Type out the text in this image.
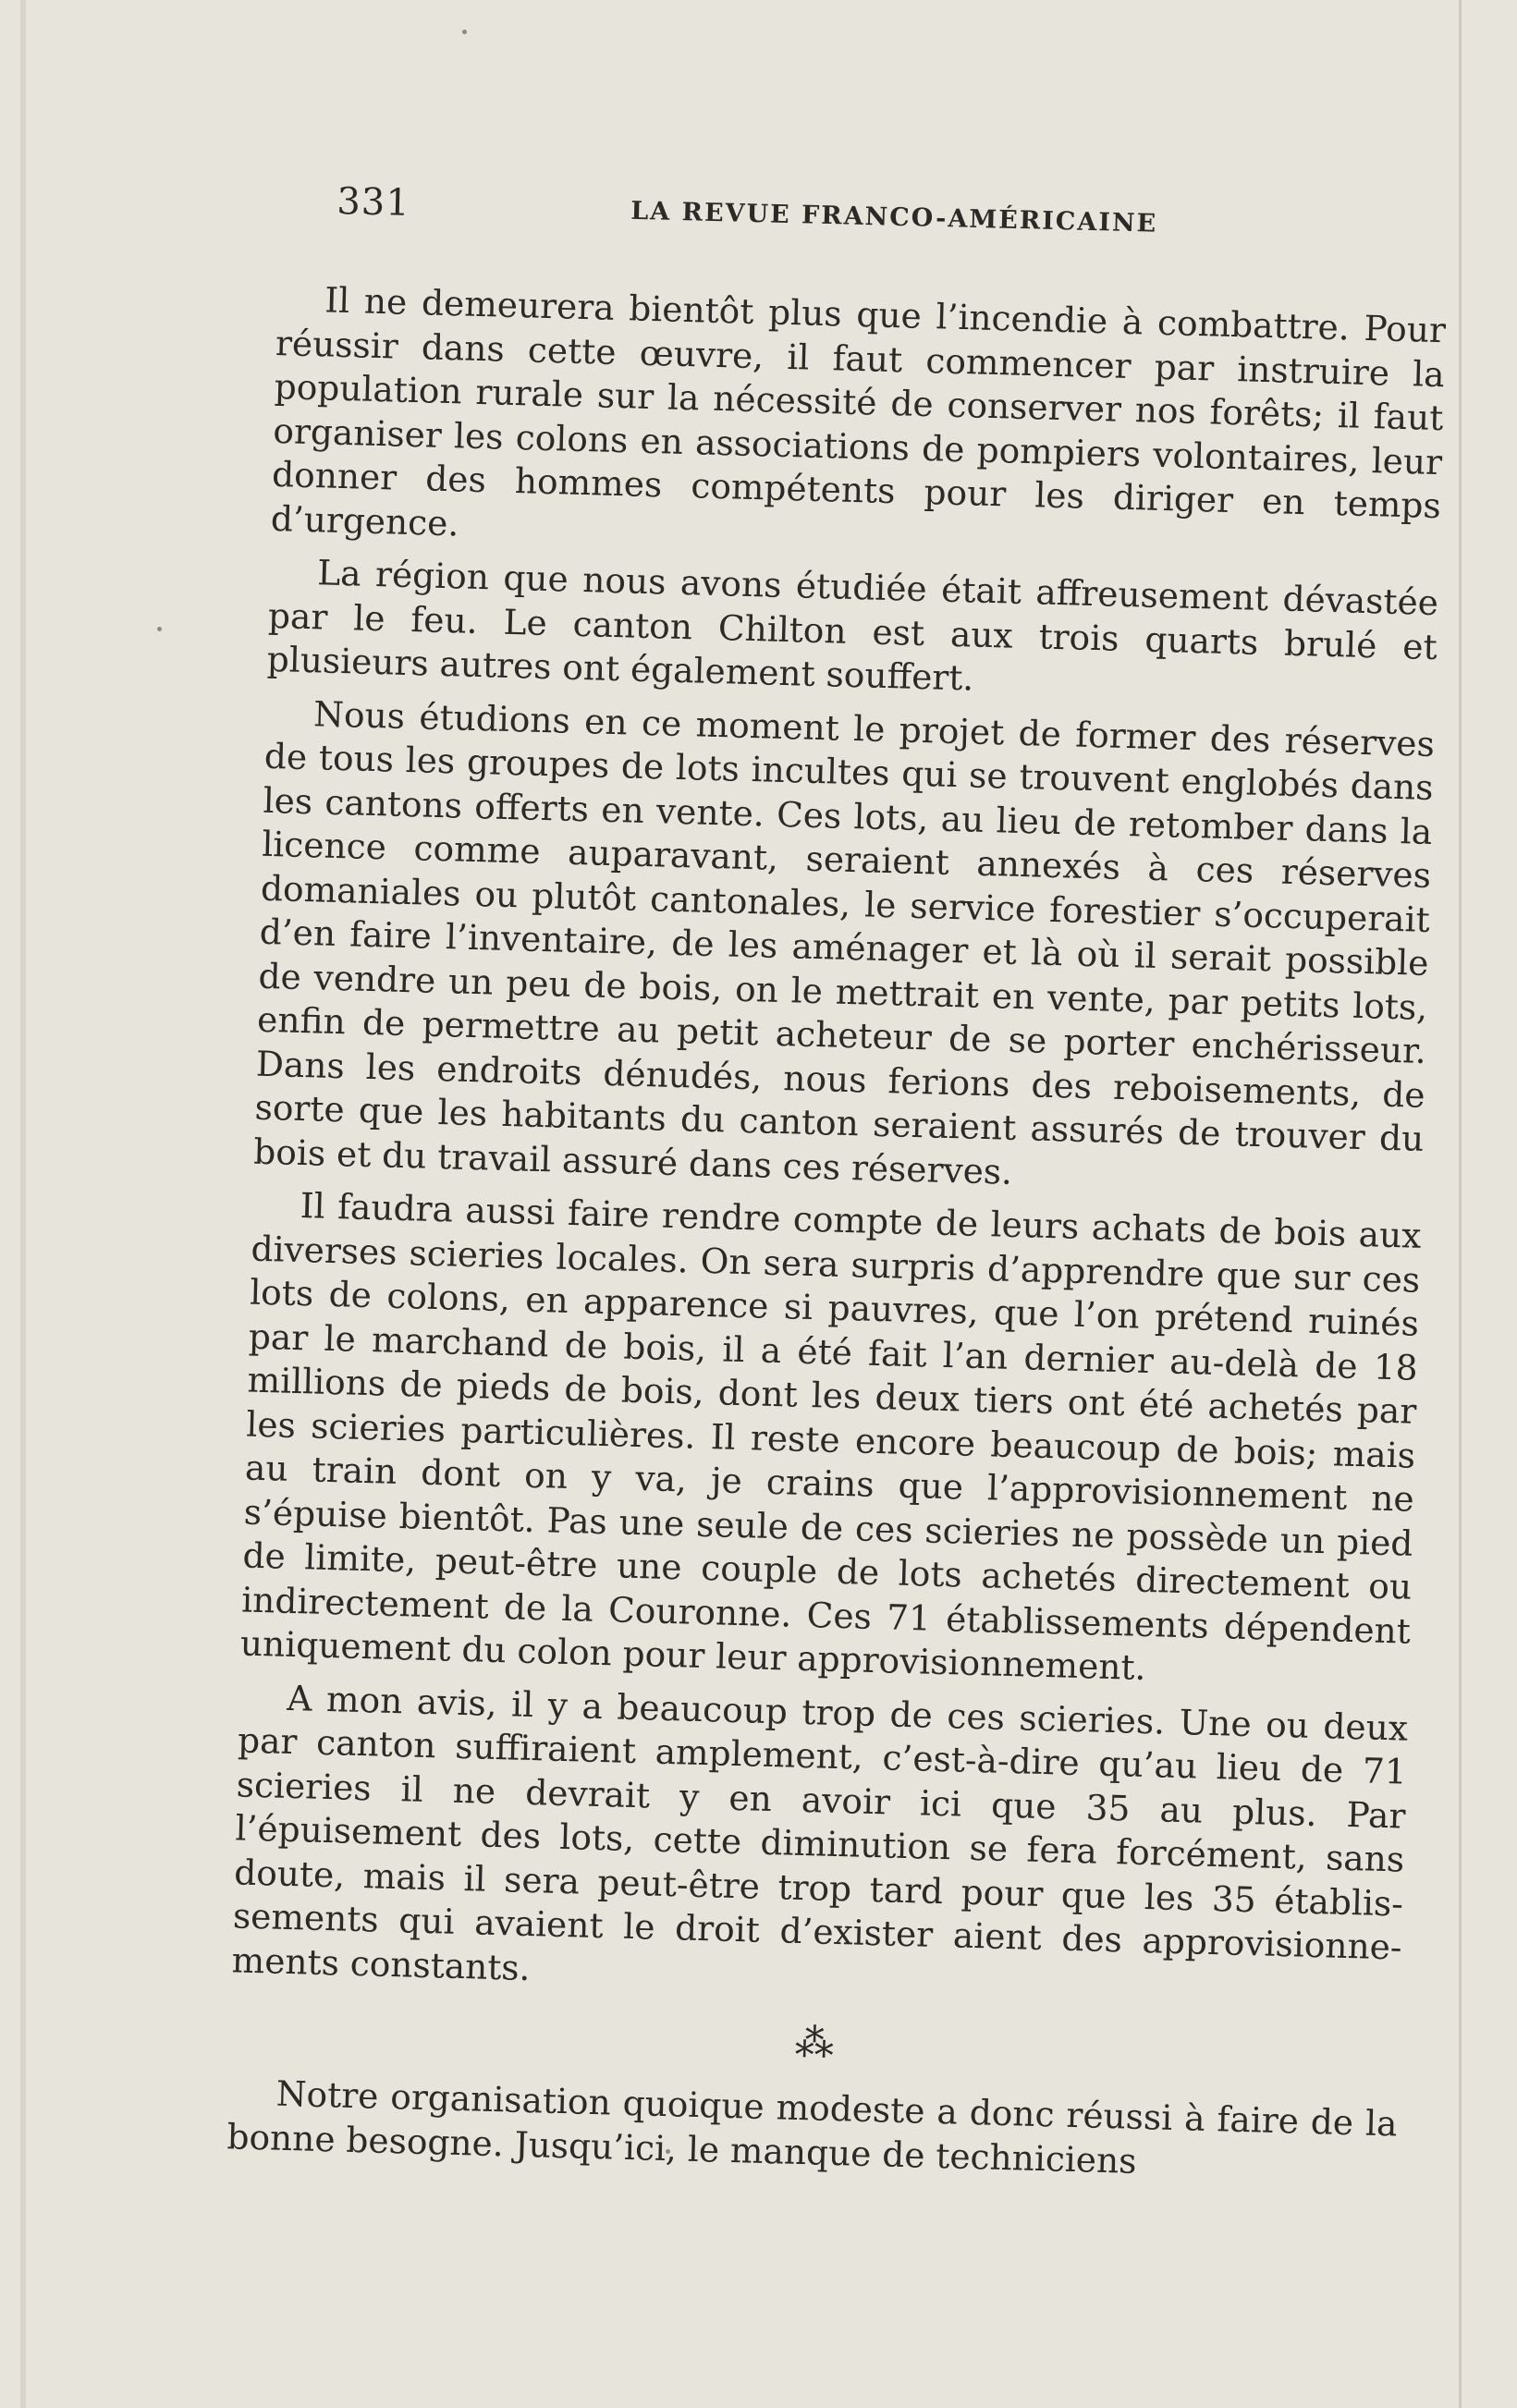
331	LA REVUE FRANCO-AMÉRICAINE

Il ne demeurera bientôt plus que l’incendie à combattre. Pour réussir dans cette œuvre, il faut commencer par instruire la population rurale sur la nécessité de conserver nos forêts; il faut organiser les colons en associations de pompiers volontaires, leur donner des hommes compétents pour les diriger en temps d’urgence.

La région que nous avons étudiée était affreusement dévastée par le feu. Le canton Chilton est aux trois quarts brulé et plusieurs autres ont également souffert.

Nous étudions en ce moment le projet de former des réserves de tous les groupes de lots incultes qui se trouvent englobés dans les cantons offerts en vente. Ces lots, au lieu de retomber dans la licence comme auparavant, seraient annexés à ces réserves domaniales ou plutôt cantonales, le service forestier s’occuperait d’en faire l’inventaire, de les aménager et là où il serait possible de vendre un peu de bois, on le mettrait en vente, par petits lots, enfin de permettre au petit acheteur de se porter enchérisseur. Dans les endroits dénudés, nous ferions des reboisements, de sorte que les habitants du canton seraient assurés de trouver du bois et du travail assuré dans ces réserves.

Il faudra aussi faire rendre compte de leurs achats de bois aux diverses scieries locales. On sera surpris d’apprendre que sur ces lots de colons, en apparence si pauvres, que l’on prétend ruinés par le marchand de bois, il a été fait l’an dernier au-delà de 18 millions de pieds de bois, dont les deux tiers ont été achetés par les scieries particulières. Il reste encore beaucoup de bois; mais au train dont on y va, je crains que l’approvisionnement ne s’épuise bientôt. Pas une seule de ces scieries ne possède un pied de limite, peut-être une couple de lots achetés directement ou indirectement de la Couronne. Ces 71 établissements dépendent uniquement du colon pour leur approvisionnement.

A mon avis, il y a beaucoup trop de ces scieries. Une ou deux par canton suffiraient amplement, c’est-à-dire qu’au lieu de 71 scieries il ne devrait y en avoir ici que 35 au plus. Par l’épuisement des lots, cette diminution se fera forcément, sans doute, mais il sera peut-être trop tard pour que les 35 établissements qui avaient le droit d’exister aient des approvisionnements constants.

⁂

Notre organisation quoique modeste a donc réussi à faire de la bonne besogne. Jusqu’ici, le manque de techniciens
